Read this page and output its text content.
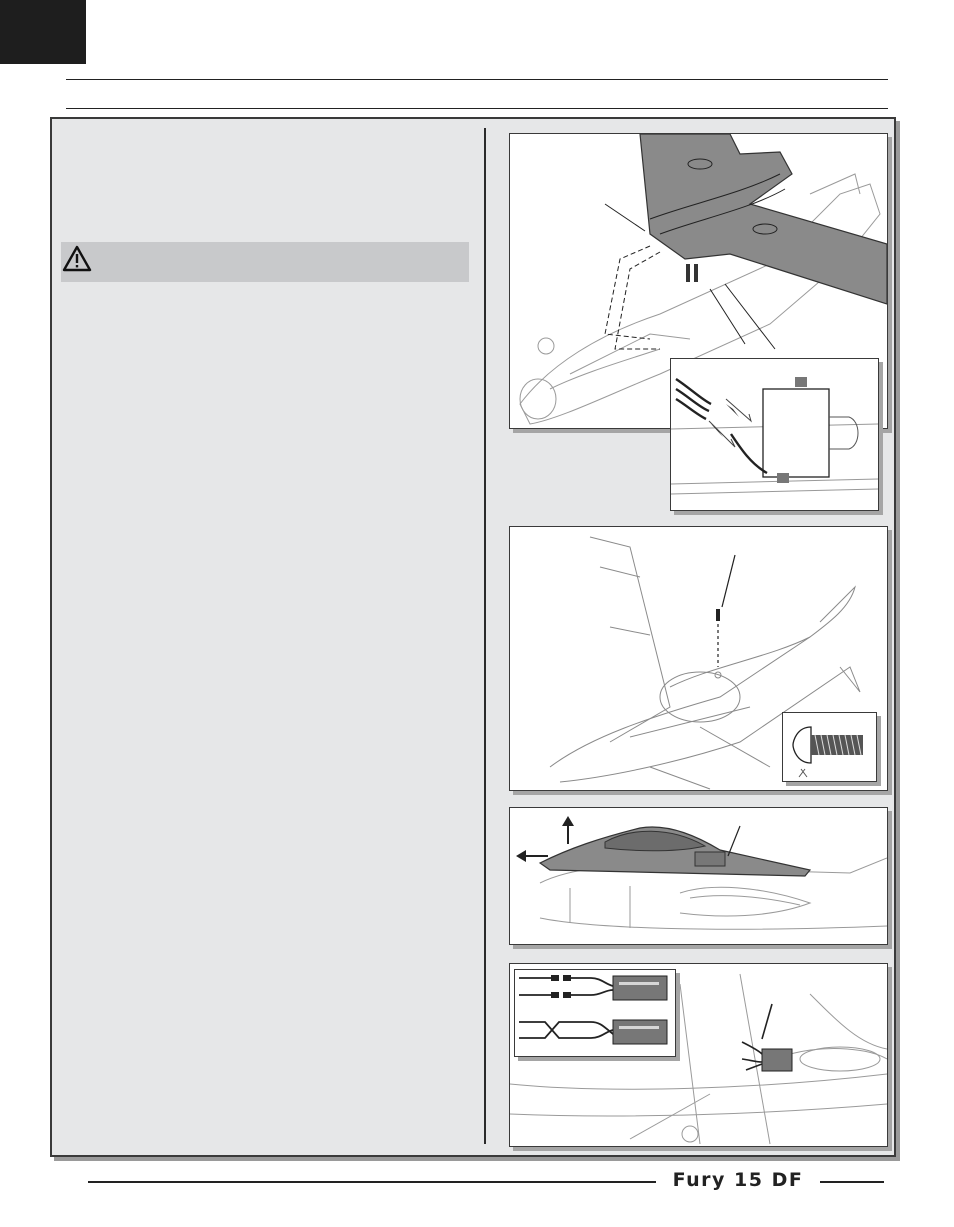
Fury 15 DF
